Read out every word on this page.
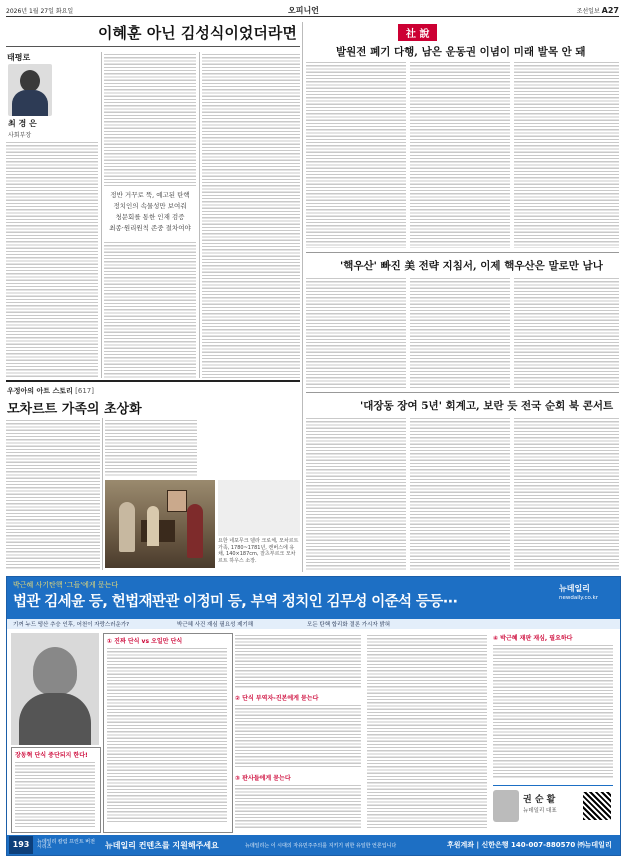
2026년 1월 27일 화요일	오피니언	조선일보 A27
이혜훈 아닌 김성식이었더라면
태평로
최 경 은
사회부장
정반 거꾸로 뚝, 예고된 탄핵
정치인의 속물성만 보여줘
청문회를 통한 인재 검증
최종·원리원칙 존중 절차여야
우정아의 아트 스토리 [617]
모차르트 가족의 초상화
요한 네포무크 델라 크로체, 모차르트 가족, 1780~1781년, 캔버스에 유채, 140×187cm, 잘츠부르크 모차르트 하우스 소장.
社 說
발원전 폐기 다행, 남은 운동권 이념이 미래 발목 안 돼
'핵우산' 빠진 美 전략 지침서, 이제 핵우산은 말로만 남나
'대장동 장여 5년' 회계고, 보란 듯 전국 순회 북 콘서트
박근혜 사기탄핵 '그들'에게 묻는다
법관 김세윤 등, 헌법재판관 이정미 등, 부역 정치인 김무성 이준석 등등···
뉴데일리
newdaily.co.kr
기꺼 누드 떵산 추승 인후, 어천이 자랑스러운가?	박근혜 사건 재심 필요성 제기해	모든 탄핵 합리화 결론 가시자 밝혀
장동혁 단식 중단되지 한다!
① 진짜 단식 vs 오일만 단식
② 단식 부역자-진본에게 묻는다
③ 판사들에게 묻는다
④ 박근혜 재판 재심, 필요하다
권 순 활
뉴데일리 대표
193	뉴데일리 칼럼 프린트 버전 시리즈	뉴데일리 컨텐츠를 지원해주세요	뉴데일리는 이 시대의 자유민주주의를 지키기 위한 유일한 언론입니다	후원계좌 | 신한은행 140-007-880570 ㈜뉴데일리
